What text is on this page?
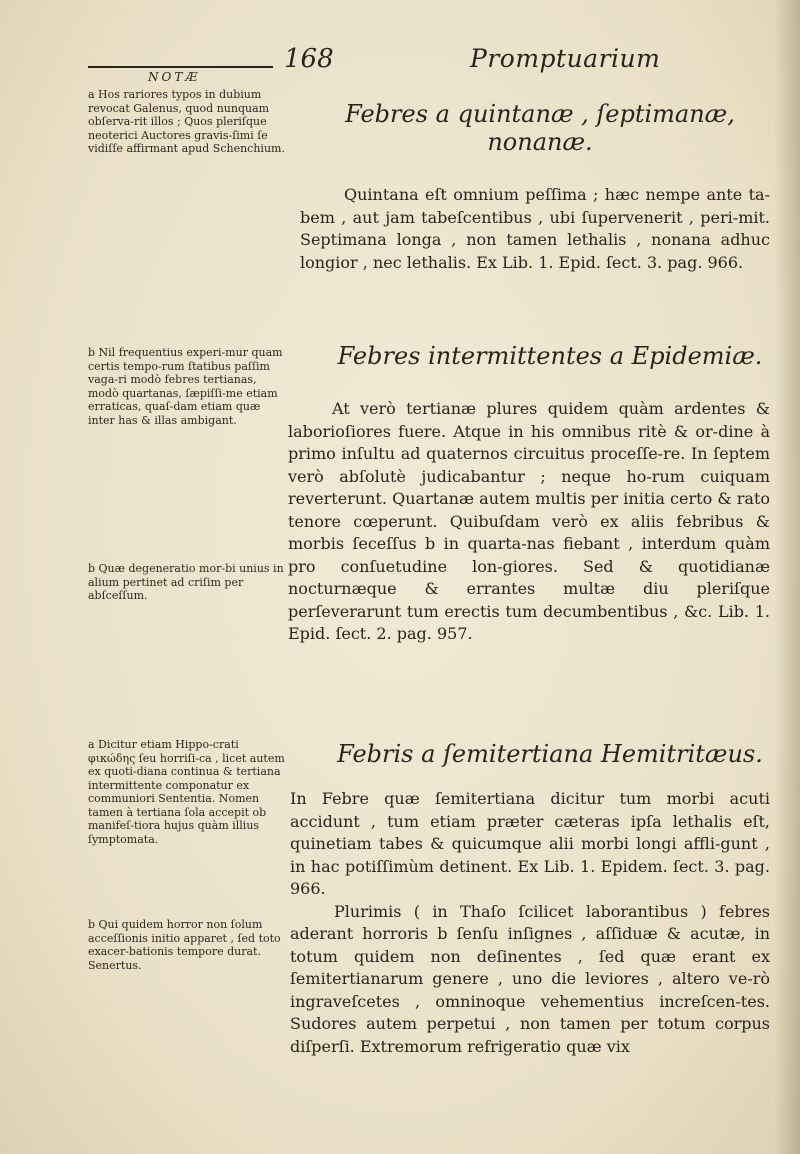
168	Promptuarium
NOTÆ
a Hos rariores typos in dubium revocat Galenus, quod nunquam obſerva-rit illos ; Quos pleriſque neoterici Auctores gravis-ſimi ſe vidiſſe affirmant apud Schenchium.
b Nil frequentius experi-mur quam certis tempo-rum ſtatibus paſſim vaga-ri modò febres tertianas, modò quartanas, ſæpiſſi-me etiam erraticas, quaſ-dam etiam quæ inter has & illas ambigant.
b Quæ degeneratio mor-bi unius in alium pertinet ad criſim per abſceſſum.
a Dicitur etiam Hippo-crati φικώδης ſeu horriſi-ca , licet autem ex quoti-diana continua & tertiana intermittente componatur ex communiori Sententia. Nomen tamen à tertiana ſola accepit ob manifeſ-tiora hujus quàm illius ſymptomata.
b Qui quidem horror non ſolum acceſſionis initio apparet , ſed toto exacer-bationis tempore durat. Senertus.
Febres a quintanæ , ſeptimanæ, nonanæ.

Quintana eſt omnium peſſima ; hæc nempe ante ta-bem , aut jam tabeſcentibus , ubi ſupervenerit , peri-mit. Septimana longa , non tamen lethalis , nonana adhuc longior , nec lethalis. Ex Lib. 1. Epid. ſect. 3. pag. 966.

Febres intermittentes a Epidemiæ.

At verò tertianæ plures quidem quàm ardentes & laborioſiores fuere. Atque in his omnibus ritè & or-dine à primo inſultu ad quaternos circuitus proceſſe-re. In ſeptem verò abſolutè judicabantur ; neque ho-rum cuiquam reverterunt. Quartanæ autem multis per initia certo & rato tenore cœperunt. Quibuſdam verò ex aliis febribus & morbis ſeceſſus b in quarta-nas fiebant , interdum quàm pro conſuetudine lon-giores. Sed & quotidianæ nocturnæque & errantes multæ diu pleriſque perſeverarunt tum erectis tum decumbentibus , &c. Lib. 1. Epid. ſect. 2. pag. 957.

Febris a ſemitertiana Hemitritæus.

In Febre quæ ſemitertiana dicitur tum morbi acuti accidunt , tum etiam præter cæteras ipſa lethalis eſt, quinetiam tabes & quicumque alii morbi longi affli-gunt , in hac potiſſimùm detinent. Ex Lib. 1. Epidem. ſect. 3. pag. 966.

Plurimis ( in Thaſo ſcilicet laborantibus ) febres aderant horroris b ſenſu inſignes , aſſiduæ & acutæ, in totum quidem non deſinentes , ſed quæ erant ex ſemitertianarum genere , uno die leviores , altero ve-rò ingraveſcetes , omninoque vehementius increſcen-tes. Sudores autem perpetui , non tamen per totum corpus diſperſi. Extremorum refrigeratio quæ vix
